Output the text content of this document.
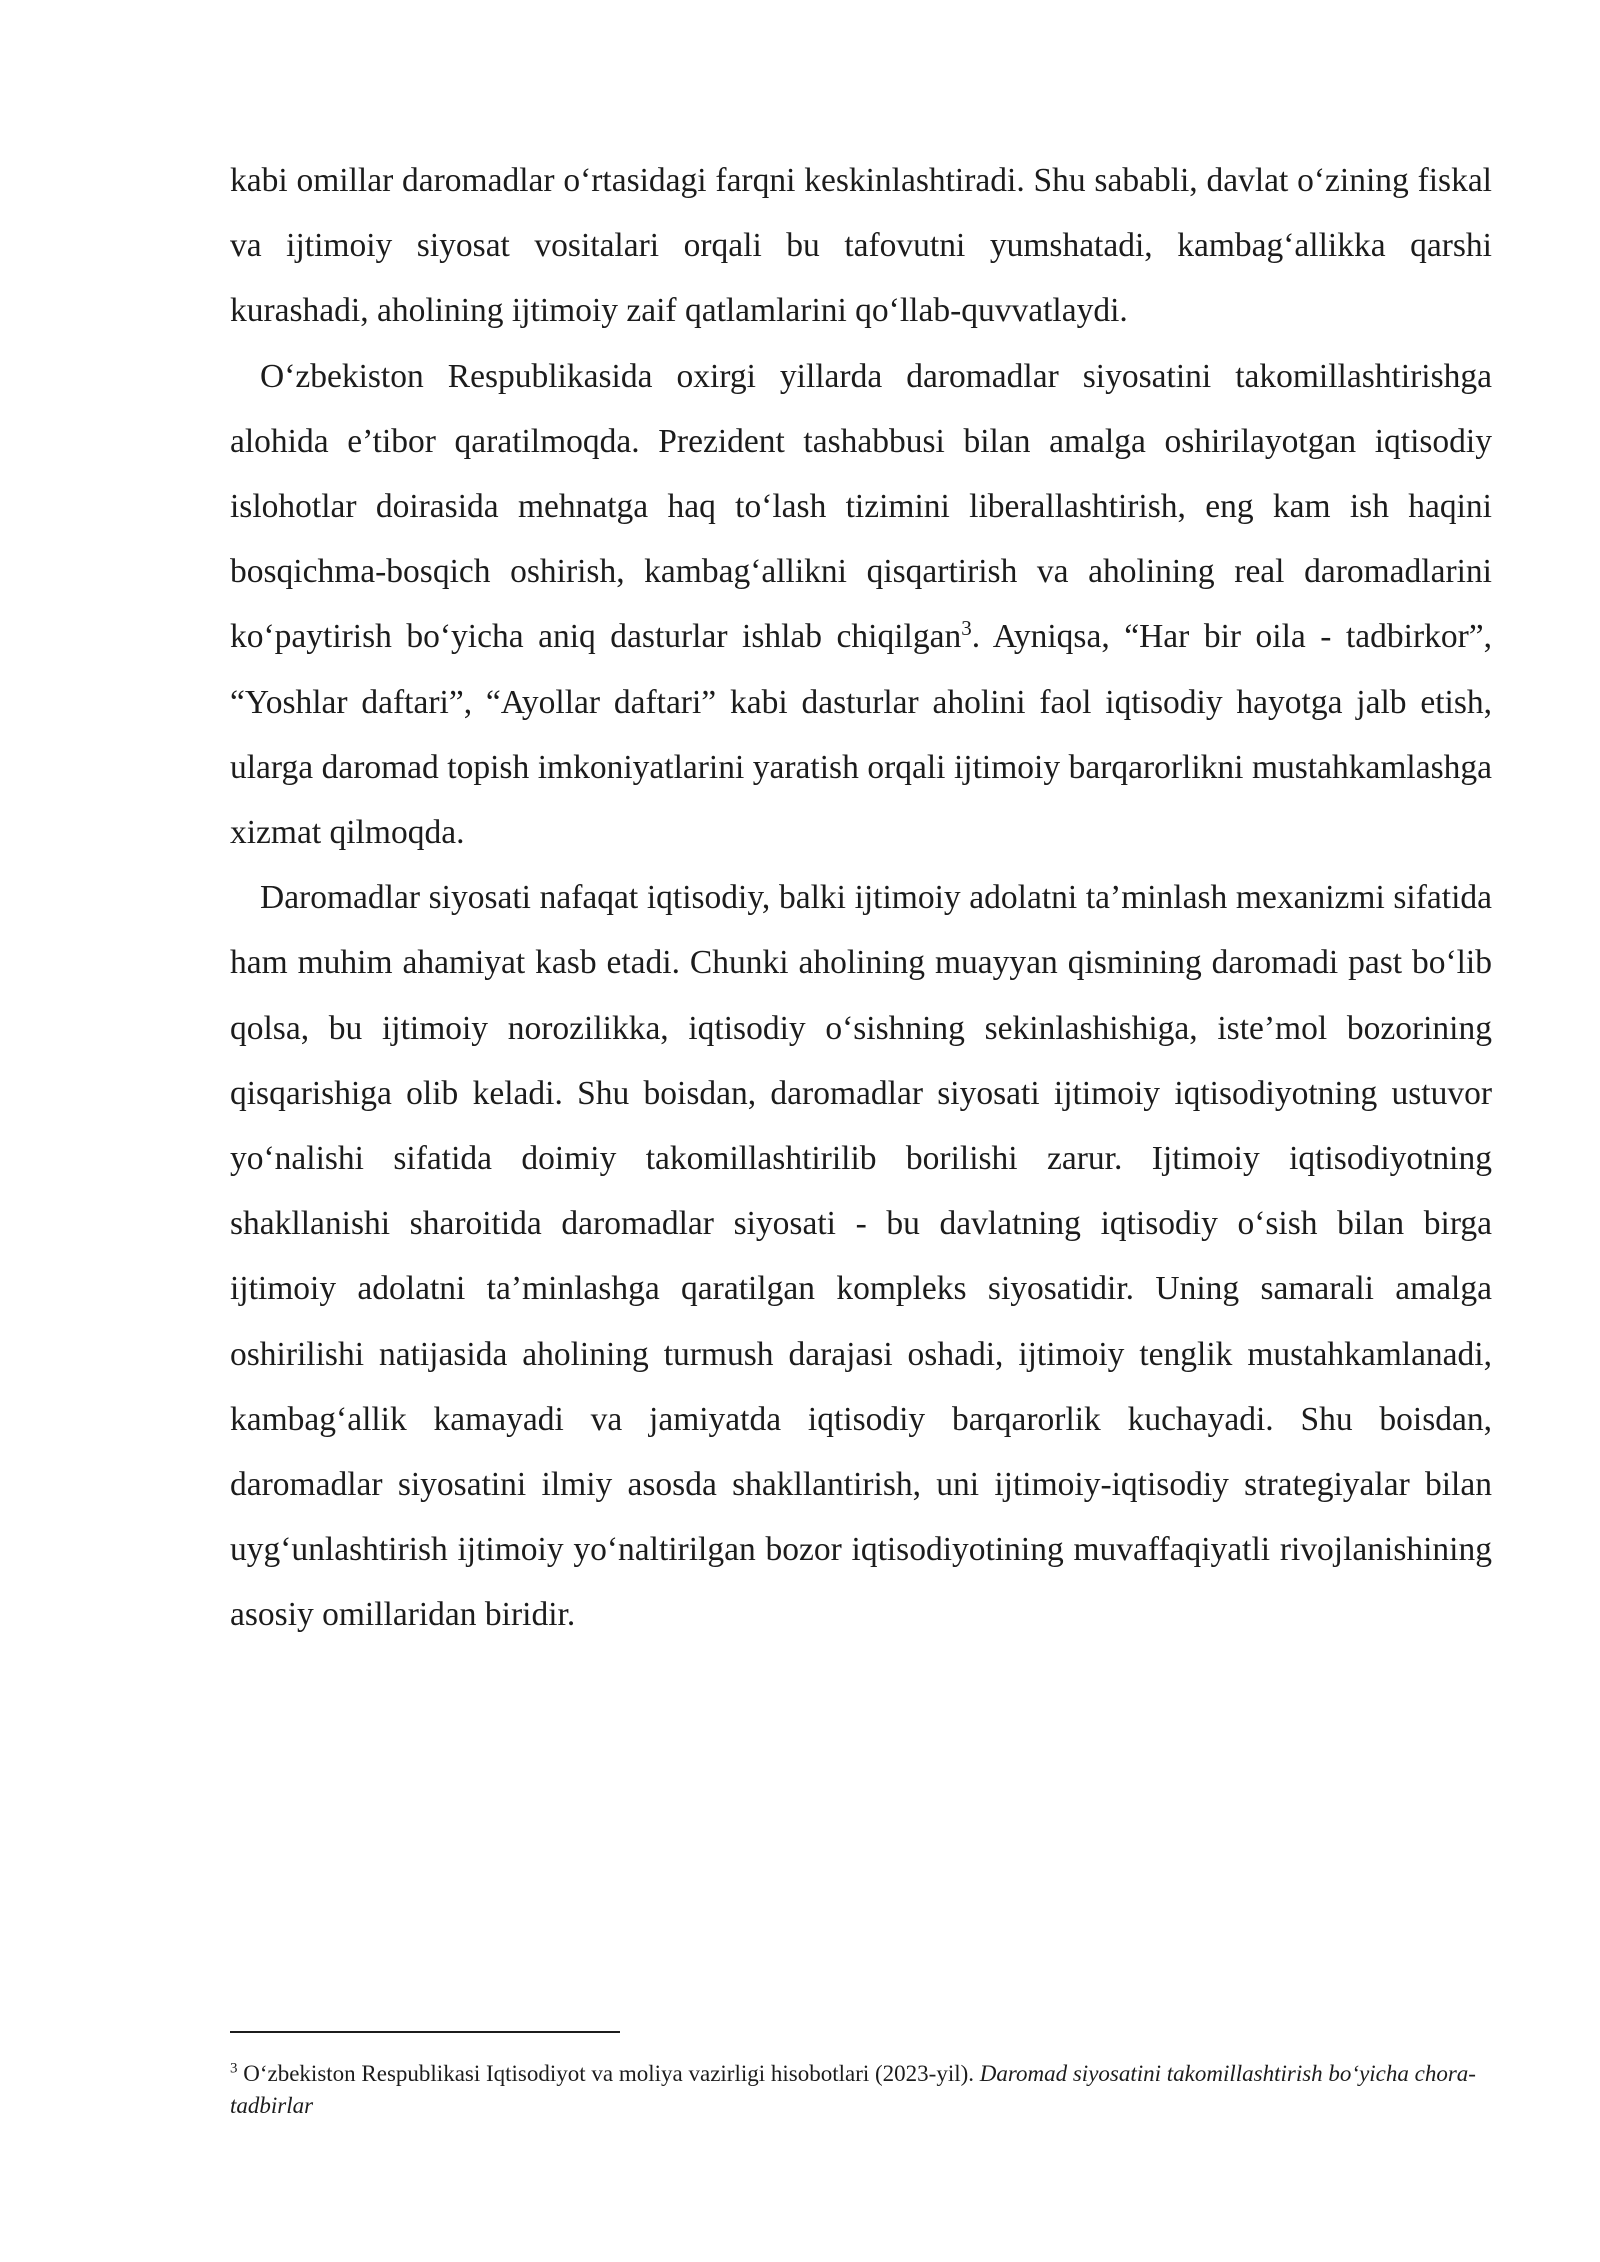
kabi omillar daromadlar o‘rtasidagi farqni keskinlashtiradi. Shu sababli, davlat o‘zining fiskal va ijtimoiy siyosat vositalari orqali bu tafovutni yumshatadi, kambag‘allikka qarshi kurashadi, aholining ijtimoiy zaif qatlamlarini qo‘llab-quvvatlaydi.

O‘zbekiston Respublikasida oxirgi yillarda daromadlar siyosatini takomillashtirishga alohida e’tibor qaratilmoqda. Prezident tashabbusi bilan amalga oshirilayotgan iqtisodiy islohotlar doirasida mehnatga haq to‘lash tizimini liberallashtirish, eng kam ish haqini bosqichma-bosqich oshirish, kambag‘allikni qisqartirish va aholining real daromadlarini ko‘paytirish bo‘yicha aniq dasturlar ishlab chiqilgan$^3$. Ayniqsa, “Har bir oila - tadbirkor”, “Yoshlar daftari”, “Ayollar daftari” kabi dasturlar aholini faol iqtisodiy hayotga jalb etish, ularga daromad topish imkoniyatlarini yaratish orqali ijtimoiy barqarorlikni mustahkamlashga xizmat qilmoqda.

Daromadlar siyosati nafaqat iqtisodiy, balki ijtimoiy adolatni ta’minlash mexanizmi sifatida ham muhim ahamiyat kasb etadi. Chunki aholining muayyan qismining daromadi past bo‘lib qolsa, bu ijtimoiy norozilikka, iqtisodiy o‘sishning sekinlashishiga, iste’mol bozorining qisqarishiga olib keladi. Shu boisdan, daromadlar siyosati ijtimoiy iqtisodiyotning ustuvor yo‘nalishi sifatida doimiy takomillashtirilib borilishi zarur. Ijtimoiy iqtisodiyotning shakllanishi sharoitida daromadlar siyosati - bu davlatning iqtisodiy o‘sish bilan birga ijtimoiy adolatni ta’minlashga qaratilgan kompleks siyosatidir. Uning samarali amalga oshirilishi natijasida aholining turmush darajasi oshadi, ijtimoiy tenglik mustahkamlanadi, kambag‘allik kamayadi va jamiyatda iqtisodiy barqarorlik kuchayadi. Shu boisdan, daromadlar siyosatini ilmiy asosda shakllantirish, uni ijtimoiy-iqtisodiy strategiyalar bilan uyg‘unlashtirish ijtimoiy yo‘naltirilgan bozor iqtisodiyotining muvaffaqiyatli rivojlanishining asosiy omillaridan biridir.

$^3$ O‘zbekiston Respublikasi Iqtisodiyot va moliya vazirligi hisobotlari (2023-yil). Daromad siyosatini takomillashtirish bo‘yicha chora-tadbirlar
